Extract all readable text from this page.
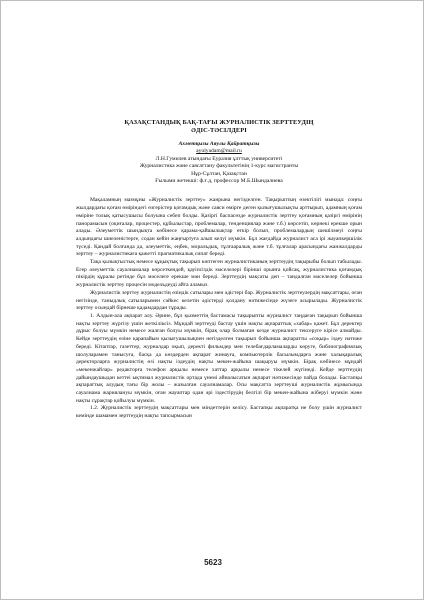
ҚАЗАҚСТАНДЫҚ БАҚ-ТАҒЫ ЖУРНАЛИСТІК ЗЕРТТЕУДІҢ
ӘДІС-ТӘСІЛДЕРІ
Ахметқызы Аяулы Қайратқызы
ayulyadam@mail.ru
Л.Н.Гумилев атындағы Еуразия ұлттық университеті
Журналистика және саясаттану факультетінің 1-курс магистранты
Нұр-Сұлтан, Қазақстан
Ғылыми жетекші: ф.ғ.д, профессор М.Б.Шындалиева

Мақаламның мазмұны «Журналистік зерттеу» жанрына негізделген. Тақырыптың өзектілігі мынада: соңғы жылдардағы қоғам өміріндегі өзгерістер қоғамдық және саяси өмірге деген қызығушылықты арттырып, адамның қоғам өміріне толық қатысушысы болуына себеп болды. Қазіргі баспасөзде журналистік зерттеу қоғамның қазіргі өмірінің панорамасын (оқиғалар, процестер, құбылыстар, проблемалар, тенденциялар және т.б.) көрсетіп, көрнекі ерекше орын алады. Әлеуметтік шындықта көбінесе қарама-қайшылықтар өткір болып, проблемалардың шешілмеуі соңғы алдындағы шиеленістерге, содан кейін жаңғыртуға алып келуі мүмкін. Бұл жағдайда журналист аса ірі жауапкершілік түседі. Қандай болғанда да, әлеуметтік, еңбек, моральдық, тұлғааралық және т.б. тұлғалар арасындағы жанжалдарды зерттеу – журналистикаға қажетті прагматикалық сипат береді.

Тақа қызықтыстық немесе құқықтық тақырып көптеген журналистиканың зерттеудің тақырыбы болып табылады. Егер әлеуметтік сауалнамалар көрсеткендей, қауіпсіздік мәселелері бірінші орынға қойсақ, журналистика қоғамдық пікірдің құралы ретінде бұл мәселеге ерекше мән береді. Зерттеудің мақсаты деп – тандалған мәселелер бойынша журналистік зерттеу процесін модельдеуді айта аламыз.

Журналистік зерттеу журналистің өзіндік сатылары мен әдістері бар. Журналистік зерттеулердің мақсаттары, оған негізінде, таныдлық сатыларымен сәйкес келетін әдістерді қолдану нәтижесінде жүзеге асырылады. Журналистік зерттеу осындай бірнеше қадамдардан тұрады.

1. Алдын-ала ақпарат алу. Әрине, бұл қызметтің бастамасы тақырыпты журналист таңдаған тақырып бойынша нақты зерттеу жүргізу үшін жеткіліксіз. Мұндай зерттеуді бастау үшін нақты ақпараттық «хабар» қажет. Бұл деректер дұрыс болуы мүмкін немесе жалған болуы мүмкін, бірақ олар болмаған кезде журналист тексеруге кірісе алмайды. Кейде зерттеудің өзіне қарапайым қызығушылықпен негізделген тақырып бойынша ақпаратты «соқыр» іздеу нәтиже береді. Кітаптар, газеттер, журналдар оқып, деректі фильмдер мен телебағдарламаларды көруге, библиографиялық шолуларамен танысуға, басқа да көздерден ақпарат жинауға, компьютерлік басылымдарға және халықаралық деректорларға журналистің өзі нақты іздеудің нақты мекен-жайына шақыруы мүмкін. Бірақ көбінесе мұндай «мекенжайлар» редакторға телефон арқылы немесе хаттар арқылы немесе тікелей жүгінеді. Кейде зерттеудің дайындаушыдан кеттеі ықтимал журналистік ортада үнемі айналысатын ақпарат нәтижесінде пайда болады. Бастапқы ақпараттық алудың тағы бір жолы – жазылған сауалнамалар. Осы мақсатта зерттеуші журналистік жұмысында сауалнама жариялануы мүмкін, оған жауаптар одан әрі іздестірудің белгілі бір мекен-жайына жіберуі мүмкін және нақты сұрақтар қойылуы мүмкін.

1.2. Журналистік зерттеудің мақсаттары мен міндеттерін келісу. Бастапқы ақпаратқа не болу үшін журналист кемінде шамамен зерттеудің нақты тапсырмасын

5623
